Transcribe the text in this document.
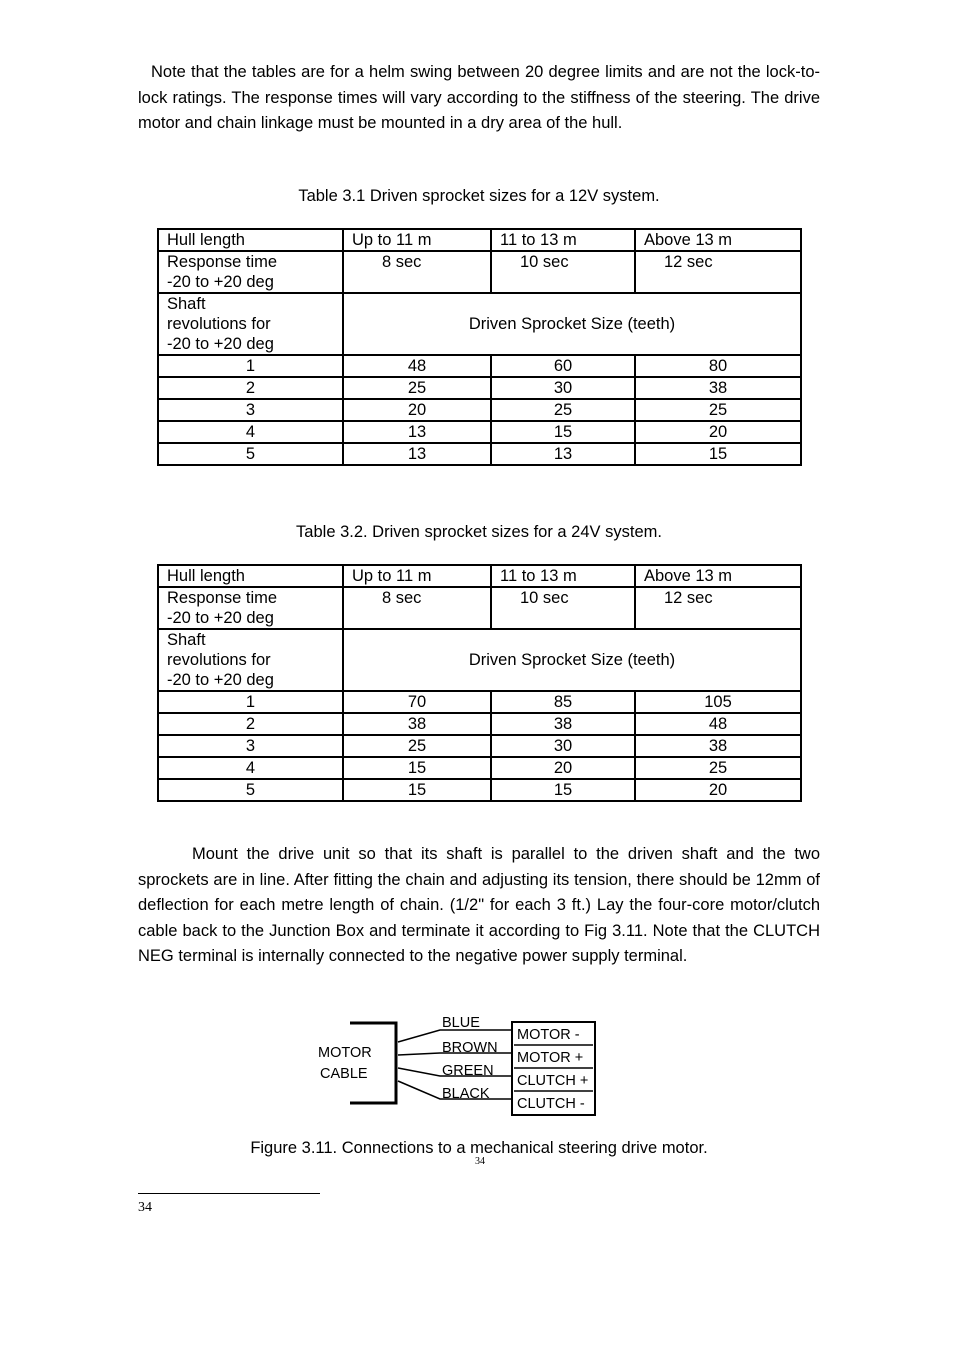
Note that the tables are for a helm swing between 20 degree limits and are not the lock-to-lock ratings. The response times will vary according to the stiffness of the steering. The drive motor and chain linkage must be mounted in a dry area of the hull.

Table 3.1 Driven sprocket sizes for a 12V system.

Hull length	Up to 11 m	11 to 13 m	Above 13 m
Response time
-20 to +20 deg	8 sec	10 sec	12 sec
Shaft
revolutions for
-20 to +20 deg	Driven Sprocket Size (teeth)		
1	48	60	80
2	25	30	38
3	20	25	25
4	13	15	20
5	13	13	15

Table 3.2. Driven sprocket sizes for a 24V system.

Hull length	Up to 11 m	11 to 13 m	Above 13 m
Response time
-20 to +20 deg	8 sec	10 sec	12 sec
Shaft
revolutions for
-20 to +20 deg	Driven Sprocket Size (teeth)		
1	70	85	105
2	38	38	48
3	25	30	38
4	15	20	25
5	15	15	20

Mount the drive unit so that its shaft is parallel to the driven shaft and the two sprockets are in line. After fitting the chain and adjusting its tension, there should be 12mm of deflection for each metre length of chain. (1/2" for each 3 ft.) Lay the four-core motor/clutch cable back to the Junction Box and terminate it according to Fig 3.11. Note that the CLUTCH NEG terminal is internally connected to the negative power supply terminal.

MOTOR
CABLE
BLUE
BROWN
GREEN
BLACK
MOTOR -
MOTOR +
CLUTCH +
CLUTCH -

Figure 3.11. Connections to a mechanical steering drive motor.

34
34
